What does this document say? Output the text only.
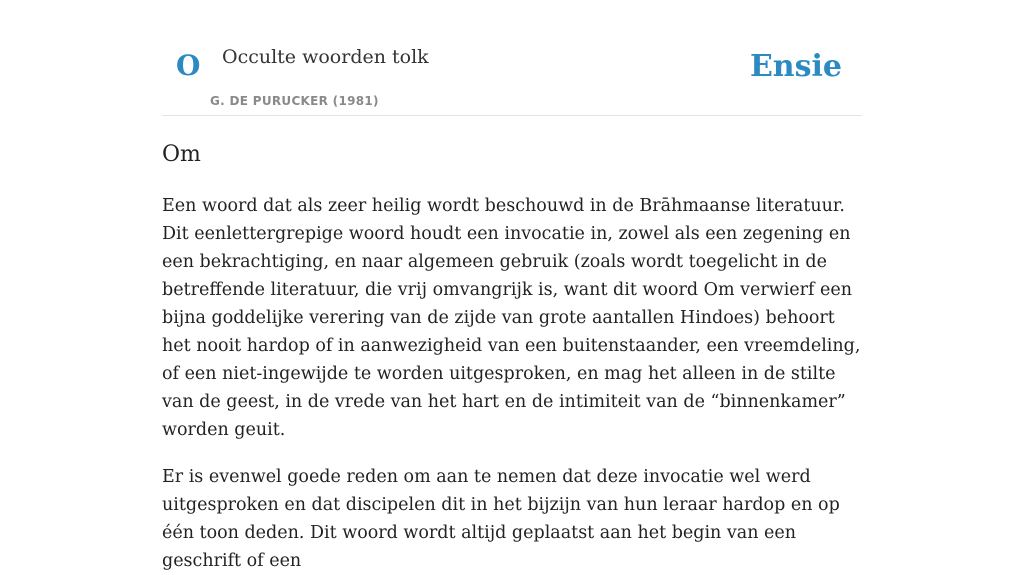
O Occulte woorden tolk
G. DE PURUCKER (1981)
Ensie
Om

Een woord dat als zeer heilig wordt beschouwd in de Brāhmaanse literatuur. Dit eenlettergrepige woord houdt een invocatie in, zowel als een zegening en een bekrachtiging, en naar algemeen gebruik (zoals wordt toegelicht in de betreffende literatuur, die vrij omvangrijk is, want dit woord Om verwierf een bijna goddelijke verering van de zijde van grote aantallen Hindoes) behoort het nooit hardop of in aanwezigheid van een buitenstaander, een vreemdeling, of een niet-ingewijde te worden uitgesproken, en mag het alleen in de stilte van de geest, in de vrede van het hart en de intimiteit van de “binnenkamer” worden geuit.

Er is evenwel goede reden om aan te nemen dat deze invocatie wel werd uitgesproken en dat discipelen dit in het bijzijn van hun leraar hardop en op één toon deden. Dit woord wordt altijd geplaatst aan het begin van een geschrift of een
